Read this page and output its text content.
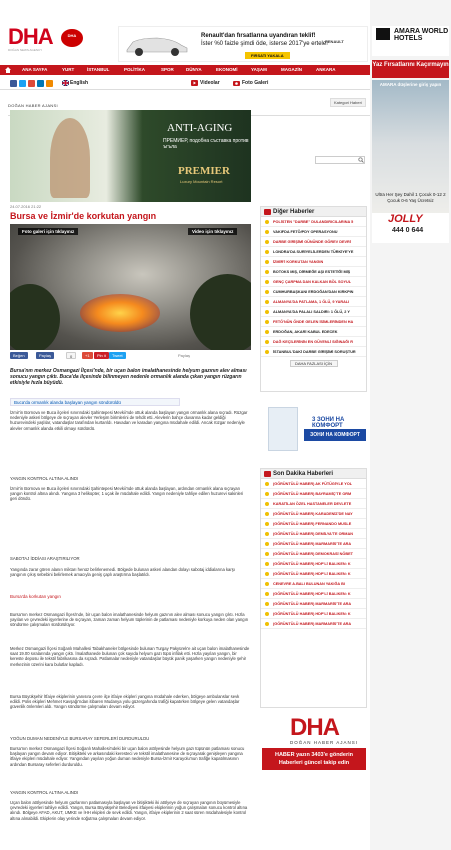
DHA
DOĞAN HABER AJANSI
DOĞAN NEWS AGENCY
DHA	Renault'dan fırsatlarına uyandıran teklif!
İster %0 faizle şimdi öde, isterse 2017'ye ertele!
FIRSATI YAKALA
RENAULT
ANA SAYFA	YURT	İSTANBUL	POLİTİKA	SPOR	DÜNYA	EKONOMİ	YAŞAM	MAGAZİN	ANKARA
English	Videolar	Foto Galeri
Kategori Haberi
ANTI-AGING
ПРЕМИЕР, подобна съставка против ъгъла
PREMIER
Luxury Mountain Resort
24.07.2016 21:22
Bursa ve İzmir'de korkutan yangın
Foto galeri için tıklayınız	Video için tıklayınız
Beğen	Paylaş	0	+1	Pin it	Tweet	Paylaş
Bursa'nın merkez Osmangazi İlçesi'nde, bir uçan balon imalathanesinde helyum gazının alev alması sonucu yangın çıktı. Buca'da ilçesinde bilinmeyen nedenle ormanlık alanda çıkan yangın rüzgarın etkisiyle hızla büyüdü.
Buca'da ormanlık alanda başlayan yangın söndürüldü
İzmir'in Bornova ve Buca ilçeleri sınırındaki Şahintepesi Mevkii'nde ottuk alanda başlayan yangın ormanlık alana sıçradı. Rüzgar nedeniyle askeri bölgeye de sıçrayan alevler Yerleşim birimlerini de tehdit etti. Alevlerin bahçe duvarına kadar geldiği huzurevindeki yaşlılar, vatandaşlar tarafından kurtarıldı. Havadan ve karadan yangına müdahale edildi. Ancak rüzgar nedeniyle alevler ormanlık alanda etkili olmayı sürdürdü.
YANGIN KONTROL ALTINA ALINDI
İzmir'in Bornova ve Buca ilçeleri sınırındaki Şahintepesi Mevkii'nde ottuk alanda başlayan, ardından ormanlık alana sıçrayan yangın kontrol altına alındı. Yangına 3 helikopter, 1 uçak ile müdahale edildi. Yangın nedeniyle tahliye edilen huzurevi sakinleri geri döndü.
SABOTAJ İDDİASI ARAŞTIRILIYOR
Yangında zarar gören alanın miktarı henüz belirlenemedi. Bölgede bulunan askeri alandan dolayı sabotaj iddialarına karşı yangının çıkış sebebini belirlemek amacıyla geniş çaplı araştırma başlatıldı.
Bursa'da korkutan yangın
Bursa'nın merkez Osmangazi İlçesi'nde, bir uçan balon imalathanesinde helyum gazının alev alması sonucu yangın çıktı. Hızla yayılan ve çevredeki işyerlerine de sıçrayan, zaman zaman helyum tüplerinin de patlaması nedeniyle korkuya neden olan yangın söndürme çalışmaları sürdürülüyor.
Merkez Osmangazi İlçesi Soğanlı Mahallesi Tabakhaneler bölgesinde bulunan Turgay Pakyürek'e ait uçan balon imalathanesinde saat 19.00 sıralarında yangın çıktı. İmalathanede bulunan çok sayıda helyum gazı tüpü infilak etti. Hızla yayılan yangın, bir kereste deposu ile tekstil fabrikasına da sıçradı. Patlamalar nedeniyle vatandaşlar büyük panik yaşarken yangın nedeniyle şehir merkezinin üzerini kara bulutlar kapladı.
Bursa Büyükşehir İtfaiye ekiplerinin yanısıra çevre ilçe itfaiye ekipleri yangına müdahale ederken, bölgeye ambulanslar sevk edildi. Polis ekipleri Mehmet Kavşağı'ndan itibaren Mudanya yolu güzergahında trafiği kapatırken bölgeye gelen vatandaşlar güvenlik önlemleri aldı. Yangın söndürme çalışmaları devam ediyor.
YOĞUN DUMAN NEDENİYLE BURSARAY SEFERLERİ DURDURULDU
Bursa'nın merkez Osmangazi İlçesi Soğanlı Mahallesi'ndeki bir uçan balon atölyesinde helyum gazı tüpünün patlaması sonucu başlayan yangın devam ediyor. Bitişikteki ve arkasındaki keresteci ve tekstil imalathanesine de sıçrayarak genişleyen yangına itfaiye ekipleri müdahale ediyor. Yangından yayılan yoğun duman nedeniyle Bursa-İzmir Karayolu'nun trafiğe kapatılmasının ardından Bursaray seferleri durduruldu.
YANGIN KONTROL ALTINA ALINDI
Uçan balon atölyesinde helyum gazlarının patlamasıyla başlayan ve bitişikteki iki atölyeye de sıçrayan yangının büyümesiyle çevredeki işyerleri tahliye edildi. Yangın, Bursa Büyükşehir Belediyesi itfaiyesi ekiplerinin yoğun çalışmaları sonucu kontrol altına alındı. Bölgeye AFAD, AKUT, UMKE ve İHH ekipleri de sevk edildi. Yangın, itfaiye ekiplerinin 2 saat süren müdahalesiyle kontrol altına alınabildi. Ekiplerin olay yerinde soğutma çalışmaları devam ediyor.
Diğer Haberler
POLİSTEN "DARBE" DULANDIRICILARINA 5
VAKIFDA FETÖ/PDY OPERASYONU
DARBE GİRİŞİMİ GÜNÜNDE GÖREV DEVRİ
LONDRA'DA SURİYELİLERDEN TÜRKİYE'YE
İZMİR'İ KORKUTAN YANGIN
BOTOKS MIŞ, DİRMEĞE AŞI ESTETİĞİ MİŞ
GENÇ ÇARPMA DAN KALKAN BÖL SOYUL
CUMHURBAŞKANI ERDOĞAN'DAN KIRKPIN
ALMANYA'DA PATLAMA, 1 ÖLÜ, 9 YARALI
ALMANYA'DA PALALI SALDIRI: 1 ÖLÜ, 2 Y
FETÖ'NÜN ÖNDE GELEN İSİMLERİNDEN HA
ERDOĞAN, AKARİ KABUL EDECEK
DAĞ KEÇİLERİNİN EN GÜVENLİ SIĞINAĞI R
İSTANBUL'DAKİ DARBE GİRİŞİMİ SORUŞTUR
DAHA FAZLASI İÇİN
3 ЗОНИ НА КОМФОРТ
ЗОНИ НА КОМФОРТ
Son Dakika Haberleri
(GÖRÜNTÜLÜ HABER) AK FÜTÜGİYLE YOL
(GÖRÜNTÜLÜ HABER) BAYRAMİÇ'TE ORM
KARATİLAN ÖZEL HASTANELER DEVLETE
(GÖRÜNTÜLÜ HABER) KARADENİZ'DE NAY
(GÖRÜNTÜLÜ HABER) FERNANDO MUSLE
(GÖRÜNTÜLÜ HABER) DEMİLYA'TE ORMAN
(GÖRÜNTÜLÜ HABER) MARMARİS'TE ARA
(GÖRÜNTÜLÜ HABER) DEMOKRASİ NÖBET
(GÖRÜNTÜLÜ HABER) HDP'Lİ BALIKEN: K
(GÖRÜNTÜLÜ HABER) HDP'Lİ BALIKEN: K
CENEVRE A.BALI BULUNAN YAKIĞA BI
(GÖRÜNTÜLÜ HABER) HDP'Lİ BALIKEN: K
(GÖRÜNTÜLÜ HABER) MARMARİS'TE ARA
(GÖRÜNTÜLÜ HABER) HDP'Lİ BALIKEN: K
(GÖRÜNTÜLÜ HABER) MARMARİS'TE ARA
DHA
DOĞAN HABER AJANSI
HABER yazın 3403'e gönderin
Haberleri güncel takip edin
AMARA WORLD HOTELS
Yaz Fırsatlarını Kaçırmayın
AMARA düşlerine giriş yapın
Ultra Her Şey Dahil 1 Çocuk 0-12 2 Çocuk 0-6 Yaş Ücretsiz
JOLLY
444 0 644
